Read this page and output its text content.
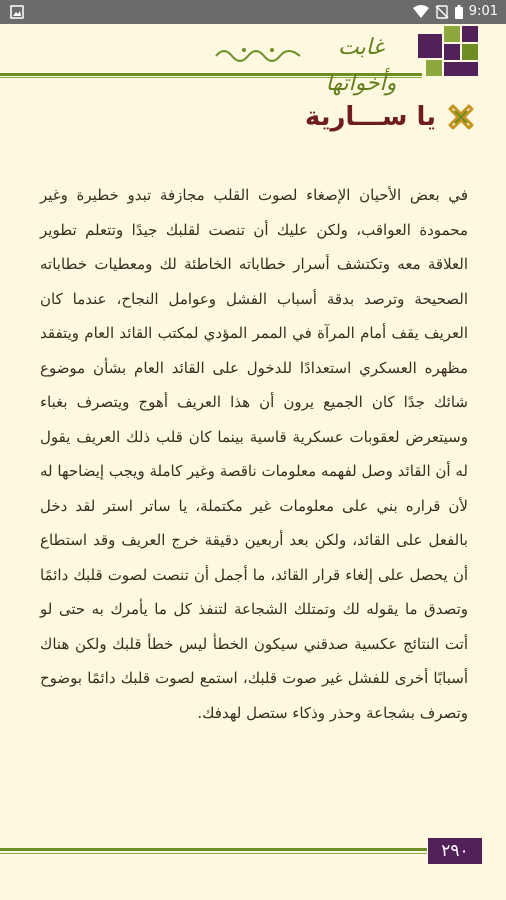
9:01
غابت وأخواتها
يا ســـارية
في بعض الأحيان الإصغاء لصوت القلب مجازفة تبدو خطيرة وغير محمودة العواقب، ولكن عليك أن تنصت لقلبك جيدًا وتتعلم تطوير العلاقة معه وتكتشف أسرار خطاباته الخاطئة لك ومعطيات خطاباته الصحيحة وترصد بدقة أسباب الفشل وعوامل النجاح، عندما كان العريف يقف أمام المرآة في الممر المؤدي لمكتب القائد العام ويتفقد مظهره العسكري استعدادًا للدخول على القائد العام بشأن موضوع شائك جدًا كان الجميع يرون أن هذا العريف أهوج ويتصرف بغباء وسيتعرض لعقوبات عسكرية قاسية بينما كان قلب ذلك العريف يقول له أن القائد وصل لفهمه معلومات ناقصة وغير كاملة ويجب إيضاحها له لأن قراره بني على معلومات غير مكتملة، يا ساتر استر لقد دخل بالفعل على القائد، ولكن بعد أربعين دقيقة خرج العريف وقد استطاع أن يحصل على إلغاء قرار القائد، ما أجمل أن تنصت لصوت قلبك دائمًا وتصدق ما يقوله لك وتمتلك الشجاعة لتنفذ كل ما يأمرك به حتى لو أتت النتائج عكسية صدقني سيكون الخطأ ليس خطأ قلبك ولكن هناك أسبابًا أخرى للفشل غير صوت قلبك، استمع لصوت قلبك دائمًا بوضوح وتصرف بشجاعة وحذر وذكاء ستصل لهدفك.
٢٩٠
